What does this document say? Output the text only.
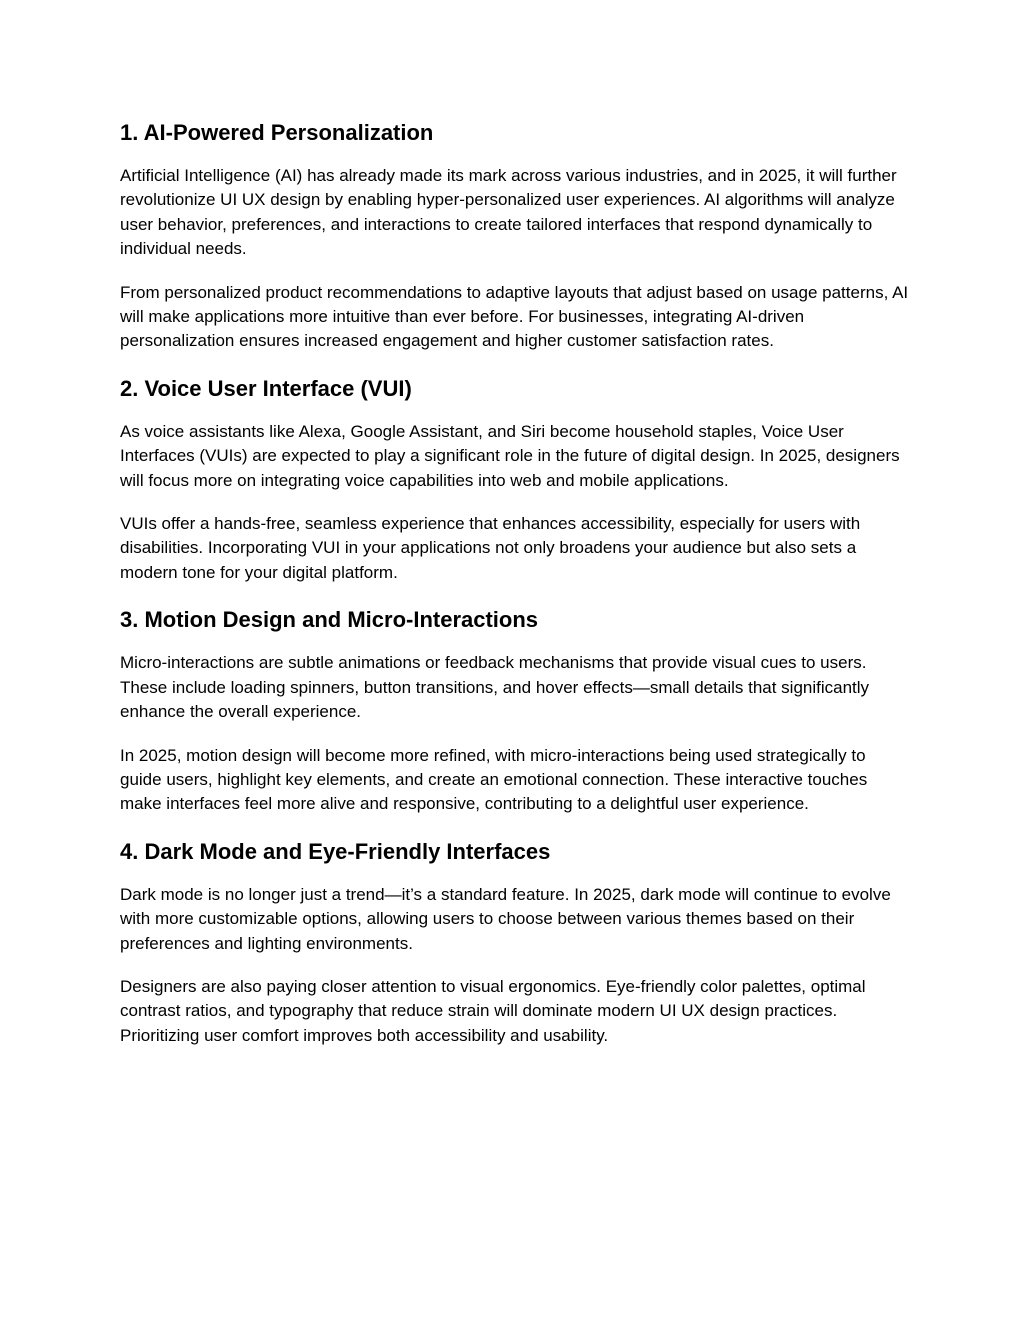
1. AI-Powered Personalization

Artificial Intelligence (AI) has already made its mark across various industries, and in 2025, it will further revolutionize UI UX design by enabling hyper-personalized user experiences. AI algorithms will analyze user behavior, preferences, and interactions to create tailored interfaces that respond dynamically to individual needs.

From personalized product recommendations to adaptive layouts that adjust based on usage patterns, AI will make applications more intuitive than ever before. For businesses, integrating AI-driven personalization ensures increased engagement and higher customer satisfaction rates.

2. Voice User Interface (VUI)

As voice assistants like Alexa, Google Assistant, and Siri become household staples, Voice User Interfaces (VUIs) are expected to play a significant role in the future of digital design. In 2025, designers will focus more on integrating voice capabilities into web and mobile applications.

VUIs offer a hands-free, seamless experience that enhances accessibility, especially for users with disabilities. Incorporating VUI in your applications not only broadens your audience but also sets a modern tone for your digital platform.

3. Motion Design and Micro-Interactions

Micro-interactions are subtle animations or feedback mechanisms that provide visual cues to users. These include loading spinners, button transitions, and hover effects—small details that significantly enhance the overall experience.

In 2025, motion design will become more refined, with micro-interactions being used strategically to guide users, highlight key elements, and create an emotional connection. These interactive touches make interfaces feel more alive and responsive, contributing to a delightful user experience.

4. Dark Mode and Eye-Friendly Interfaces

Dark mode is no longer just a trend—it’s a standard feature. In 2025, dark mode will continue to evolve with more customizable options, allowing users to choose between various themes based on their preferences and lighting environments.

Designers are also paying closer attention to visual ergonomics. Eye-friendly color palettes, optimal contrast ratios, and typography that reduce strain will dominate modern UI UX design practices. Prioritizing user comfort improves both accessibility and usability.
